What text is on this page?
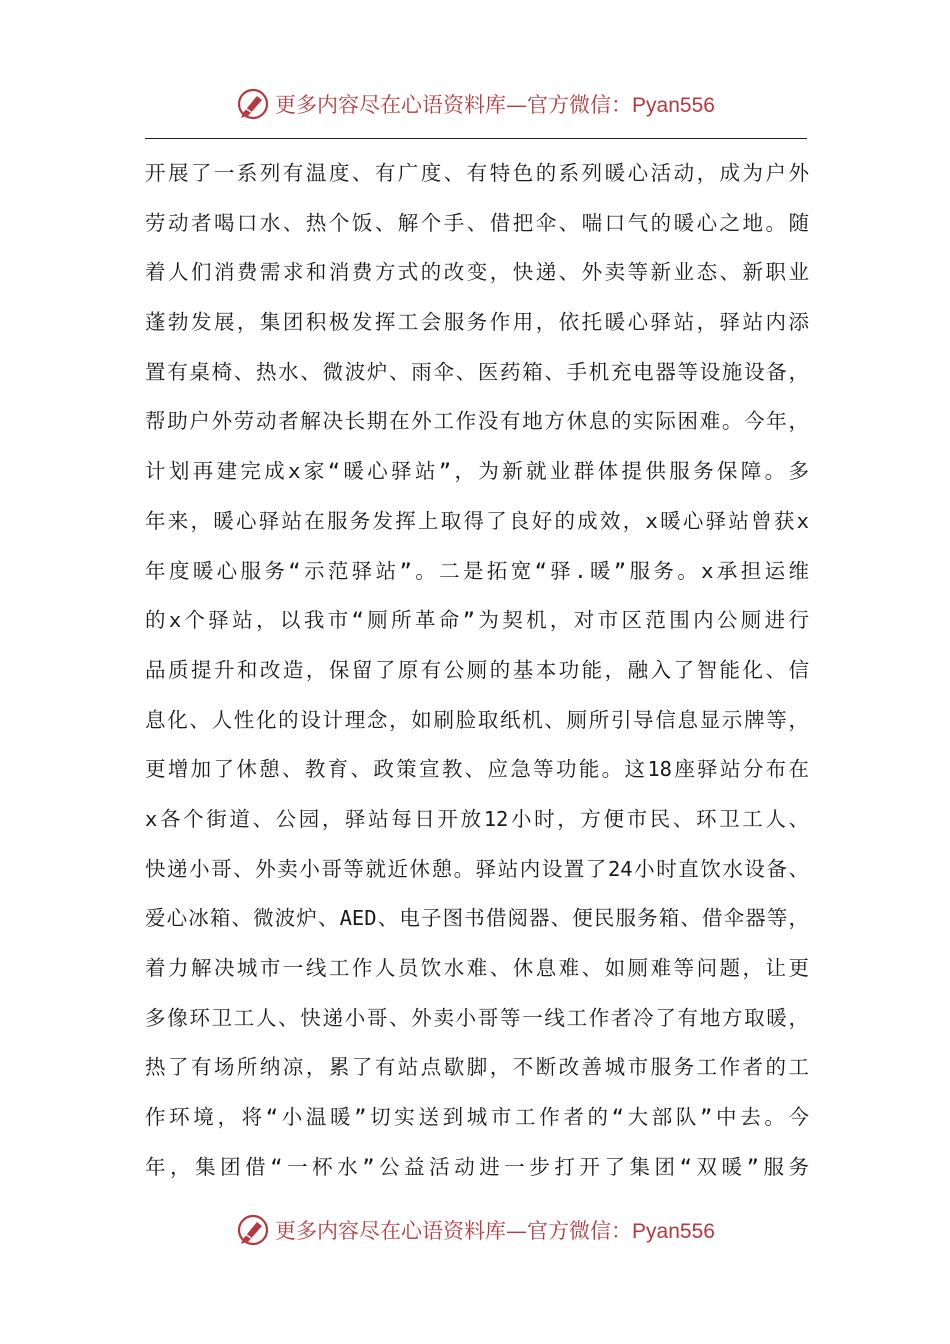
更多内容尽在心语资料库—官方微信：Pyan556
开展了一系列有温度、有广度、有特色的系列暖心活动，成为户外
劳动者喝口水、热个饭、解个手、借把伞、喘口气的暖心之地。随
着人们消费需求和消费方式的改变，快递、外卖等新业态、新职业
蓬勃发展，集团积极发挥工会服务作用，依托暖心驿站，驿站内添
置有桌椅、热水、微波炉、雨伞、医药箱、手机充电器等设施设备，
帮助户外劳动者解决长期在外工作没有地方休息的实际困难。今年，
计划再建完成x家“暖心驿站”，为新就业群体提供服务保障。多
年来，暖心驿站在服务发挥上取得了良好的成效，x暖心驿站曾获x
年度暖心服务“示范驿站”。二是拓宽“驿.暖”服务。x承担运维
的x个驿站，以我市“厕所革命”为契机，对市区范围内公厕进行
品质提升和改造，保留了原有公厕的基本功能，融入了智能化、信
息化、人性化的设计理念，如刷脸取纸机、厕所引导信息显示牌等，
更增加了休憩、教育、政策宣教、应急等功能。这18座驿站分布在
x各个街道、公园，驿站每日开放12小时，方便市民、环卫工人、
快递小哥、外卖小哥等就近休憩。驿站内设置了24小时直饮水设备、
爱心冰箱、微波炉、AED、电子图书借阅器、便民服务箱、借伞器等，
着力解决城市一线工作人员饮水难、休息难、如厕难等问题，让更
多像环卫工人、快递小哥、外卖小哥等一线工作者冷了有地方取暖，
热了有场所纳凉，累了有站点歇脚，不断改善城市服务工作者的工
作环境，将“小温暖”切实送到城市工作者的“大部队”中去。今
年，集团借“一杯水”公益活动进一步打开了集团“双暖”服务
更多内容尽在心语资料库—官方微信：Pyan556
